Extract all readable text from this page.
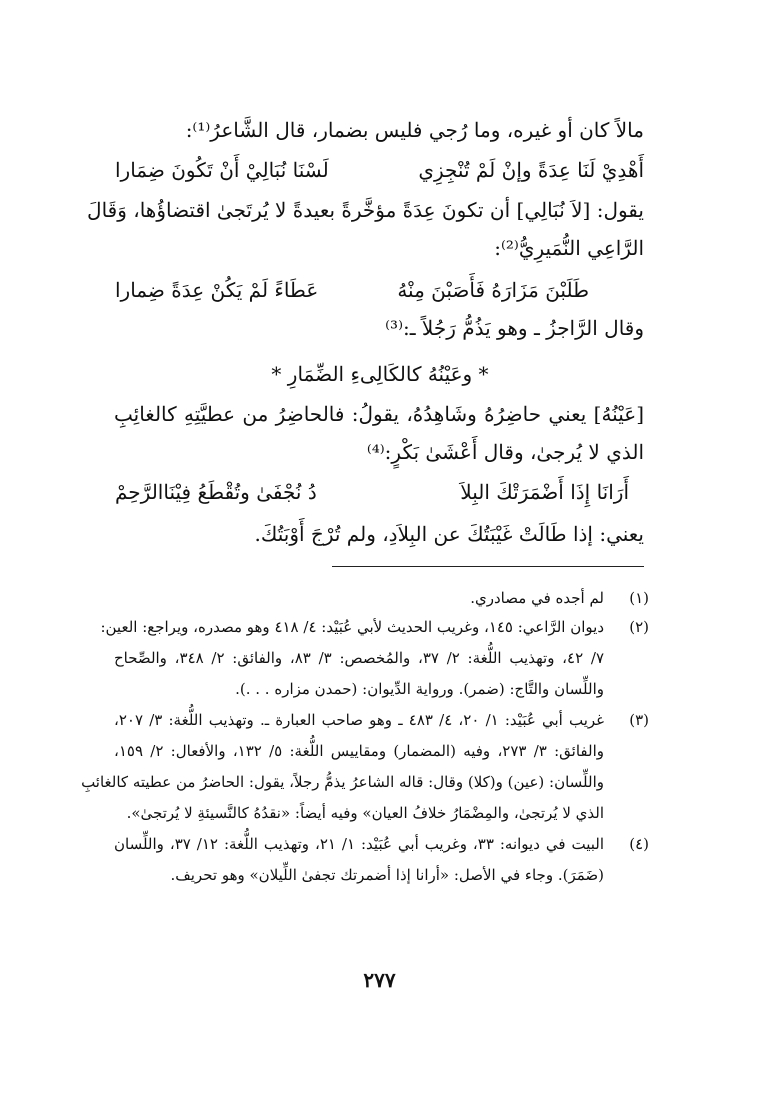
مالاً كان أو غيره، وما رُجي فليس بضمار، قال الشَّاعرُ⁽¹⁾:
أَهْدِيْ لَنَا عِدَةً وإنْ لَمْ تُنْجِزِي
لَسْنَا نُبَالِيْ أَنْ تَكُونَ ضِمَارا
يقول: [لاَ نُبَالِي] أن تكونَ عِدَةً مؤخَّرةً بعيدةً لا يُرتَجىٰ اقتضاؤُها، وَقَالَ
الرَّاعِي النُّمَيرِيُّ⁽²⁾:
طَلَبْنَ مَزَارَهُ فَأَصَبْنَ مِنْهُ
عَطَاءً لَمْ يَكُنْ عِدَةً ضِمارا
وقال الرَّاجزُ ـ وهو يَذُمُّ رَجُلاً ـ:⁽³⁾
* وعَيْنُهُ كالكَالِىءِ الضِّمَارِ *
[عَيْنُهُ] يعني حاضِرُهُ وشَاهِدُهُ، يقولُ: فالحاضِرُ من عطيَّتِهِ كالغائِبِ
الذي لا يُرجىٰ، وقال أَعْشَىٰ بَكْرٍ:⁽⁴⁾
أَرَانَا إِذَا أَضْمَرَتْكَ البِلاَ
دُ نُجْفَىٰ وتُقْطَعُ فِيْنَاالرَّحِمْ
يعني: إذا طَالَتْ غَيْبَتُكَ عن البِلاَدِ، ولم تُرْجَ أَوْبَتُكَ.
(١)
لم أجده في مصادري.
(٢)
ديوان الرَّاعي: ١٤٥، وغريب الحديث لأبي عُبَيْد: ٤/ ٤١٨ وهو مصدره، ويراجع: العين:
٧/ ٤٢، وتهذيب اللُّغة: ٢/ ٣٧، والمُخصص: ٣/ ٨٣، والفائق: ٢/ ٣٤٨، والصِّحاح
واللِّسان والتَّاج: (ضمر). ورواية الدِّيوان: (حمدن مزاره . . .).
(٣)
غريب أبي عُبَيْد: ١/ ٢٠، ٤/ ٤٨٣ ـ وهو صاحب العبارة ـ. وتهذيب اللُّغة: ٣/ ٢٠٧،
والفائق: ٣/ ٢٧٣، وفيه (المضمار) ومقاييس اللُّغة: ٥/ ١٣٢، والأفعال: ٢/ ١٥٩،
واللِّسان: (عين) و(كلا) وقال: قاله الشاعرُ يذمُّ رجلاً، يقول: الحاضرُ من عطيته كالغائبِ
الذي لا يُرتجىٰ، والمِضْمَارُ خلافُ العيان» وفيه أيضاً: «نقدُهُ كالنَّسيئةِ لا يُرتجىٰ».
(٤)
البيت في ديوانه: ٣٣، وغريب أبي عُبَيْد: ١/ ٢١، وتهذيب اللُّغة: ١٢/ ٣٧، واللِّسان
(ضَمَرَ). وجاء في الأصل: «أرانا إذا أضمرتك تجفىٰ اللِّيلان» وهو تحريف.
٢٧٧
